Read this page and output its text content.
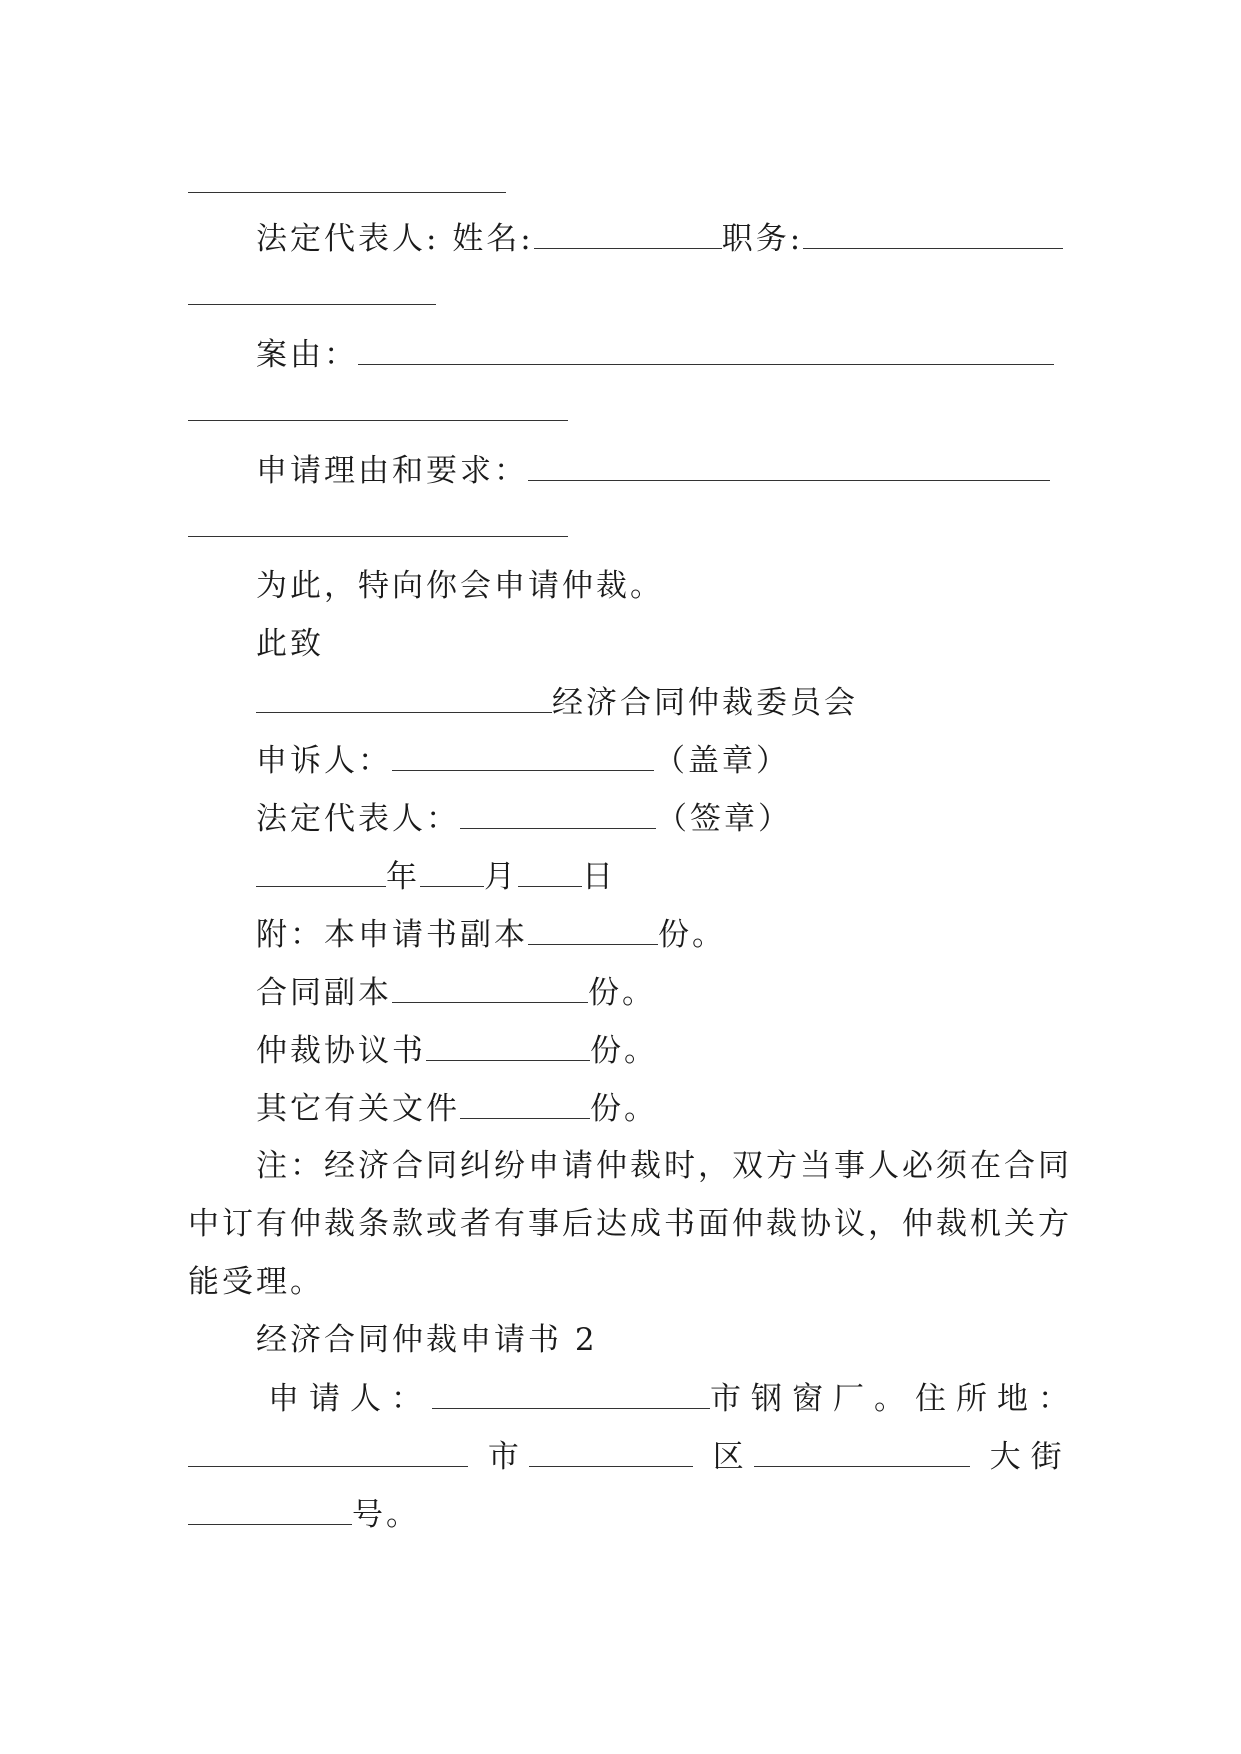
法定代表人: 姓名:	职务:
案由：
申请理由和要求：
为此，特向你会申请仲裁。
此致
经济合同仲裁委员会
申诉人：	（盖章）
法定代表人：	（签章）
年 月 日
附：本申请书副本	份。
合同副本	份。
仲裁协议书	份。
其它有关文件	份。
注：经济合同纠纷申请仲裁时，双方当事人必须在合同
中订有仲裁条款或者有事后达成书面仲裁协议，仲裁机关方
能受理。
经济合同仲裁申请书 2
申请人：	市钢窗厂。住所地：
市	区	大街
号。
